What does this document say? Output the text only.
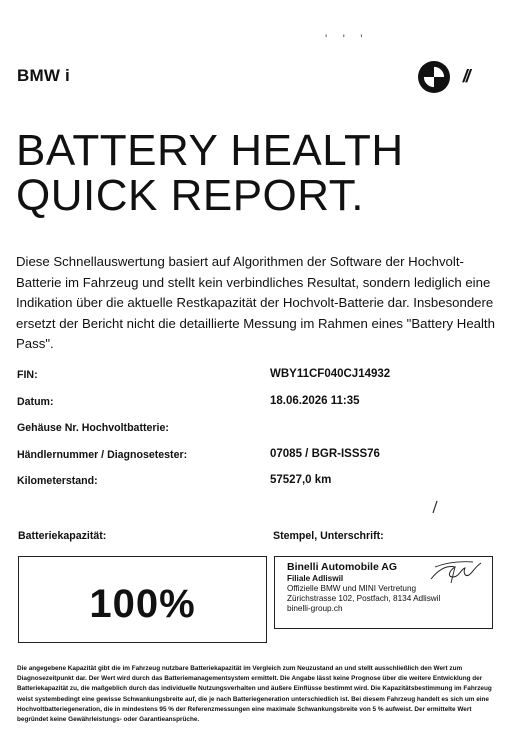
' ' '
BMW i	//
BATTERY HEALTH
QUICK REPORT.
Diese Schnellauswertung basiert auf Algorithmen der Software der Hochvolt-Batterie im Fahrzeug und stellt kein verbindliches Resultat, sondern lediglich eine Indikation über die aktuelle Restkapazität der Hochvolt-Batterie dar. Insbesondere ersetzt der Bericht nicht die detaillierte Messung im Rahmen eines "Battery Health Pass".
FIN:	WBY11CF040CJ14932
Datum:	18.06.2026 11:35
Gehäuse Nr. Hochvoltbatterie:
Händlernummer / Diagnosetester:	07085 / BGR-ISSS76
Kilometerstand:	57527,0 km
Batteriekapazität:	Stempel, Unterschrift:
100%
Binelli Automobile AG
Filiale Adliswil
Offizielle BMW und MINI Vertretung
Zürichstrasse 102, Postfach, 8134 Adliswil
binelli-group.ch
Die angegebene Kapazität gibt die im Fahrzeug nutzbare Batteriekapazität im Vergleich zum Neuzustand an und stellt ausschließlich den Wert zum Diagnosezeitpunkt dar. Der Wert wird durch das Batteriemanagementsystem ermittelt. Die Angabe lässt keine Prognose über die weitere Entwicklung der Batteriekapazität zu, die maßgeblich durch das individuelle Nutzungsverhalten und äußere Einflüsse bestimmt wird. Die Kapazitätsbestimmung im Fahrzeug weist systembedingt eine gewisse Schwankungsbreite auf, die je nach Batteriegeneration unterschiedlich ist. Bei diesem Fahrzeug handelt es sich um eine Hochvoltbatteriegeneration, die in mindestens 95 % der Referenzmessungen eine maximale Schwankungsbreite von 5 % aufweist. Der ermittelte Wert begründet keine Gewährleistungs- oder Garantieansprüche.
